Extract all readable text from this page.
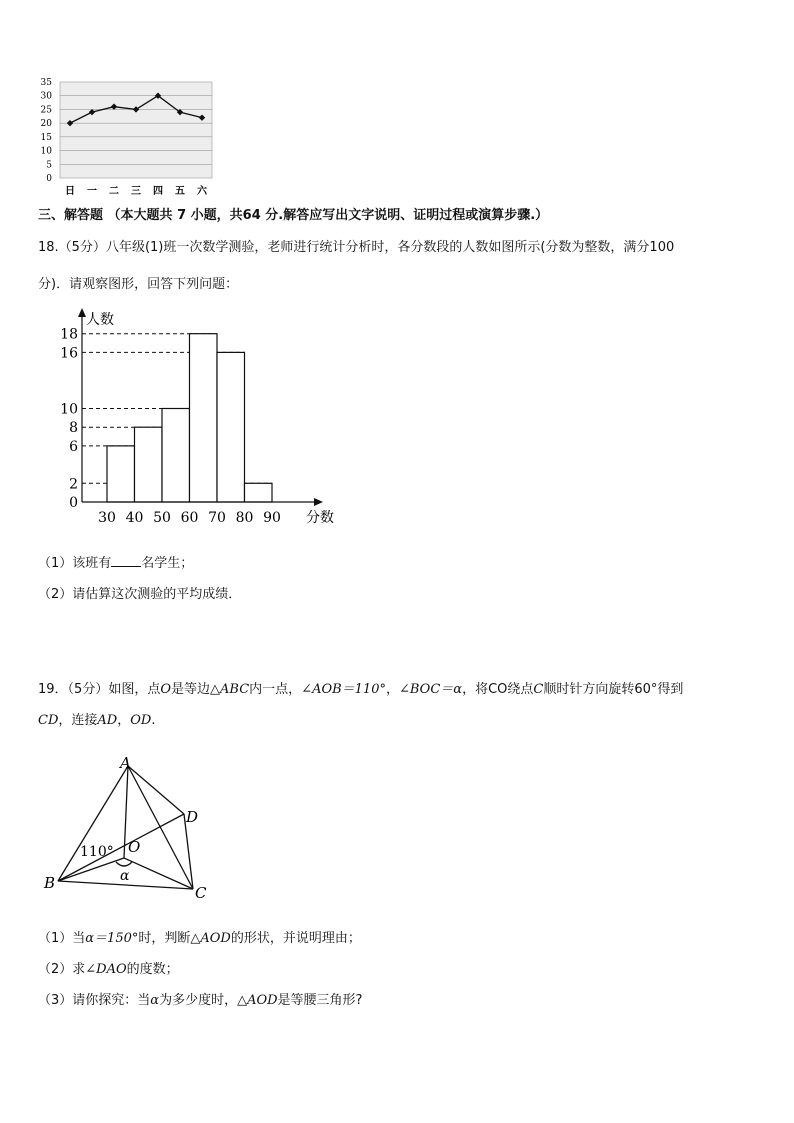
35
30
25
20
15
10
5
0
日 一 二 三 四 五 六
三、解答题 （本大题共 7 小题，共64 分.解答应写出文字说明、证明过程或演算步骤.）
18.（5分）八年级(1)班一次数学测验，老师进行统计分析时，各分数段的人数如图所示(分数为整数，满分100
分)．请观察图形，回答下列问题：
人数
18
16
10
8
6
2
0
30 40 50 60 70 80 90 分数
（1）该班有 名学生；
（2）请估算这次测验的平均成绩．
19．（5分）如图，点O是等边△ABC内一点，∠AOB＝110°，∠BOC＝α，将CO绕点C顺时针方向旋转60°得到
CD，连接AD，OD.
A
D
O
110°
α
B
C
（1）当α＝150°时，判断△AOD的形状，并说明理由；
（2）求∠DAO的度数；
（3）请你探究：当α为多少度时，△AOD是等腰三角形?
